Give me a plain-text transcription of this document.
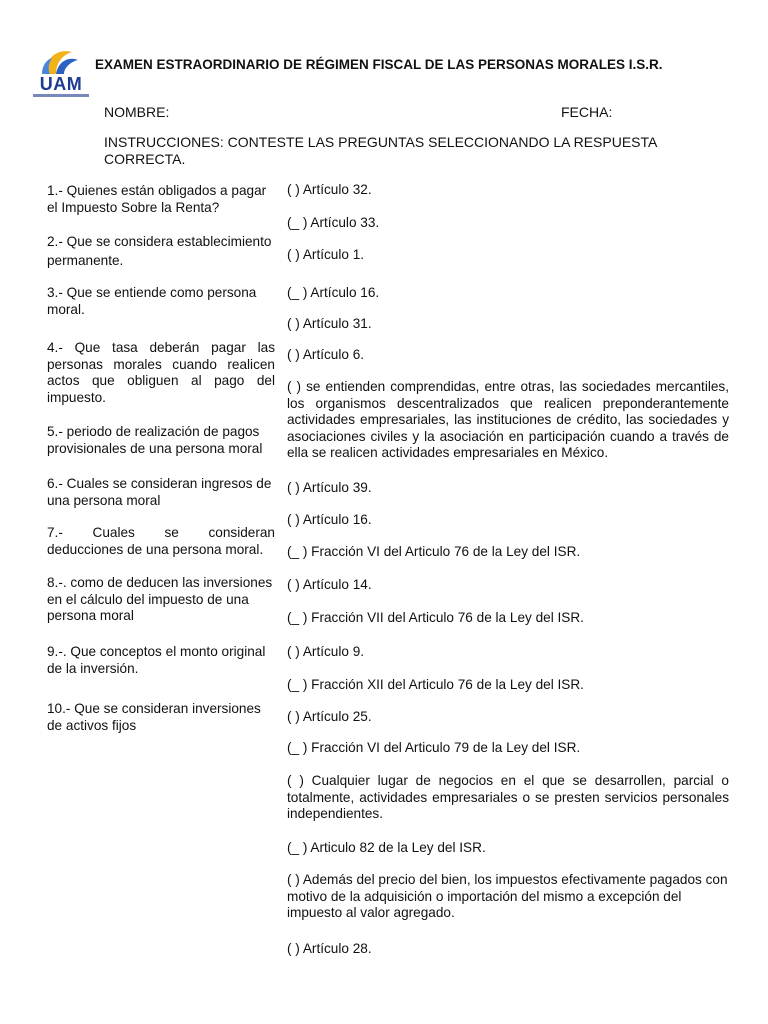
UAM
EXAMEN ESTRAORDINARIO DE RÉGIMEN FISCAL DE LAS PERSONAS MORALES I.S.R.
NOMBRE:	FECHA:
INSTRUCCIONES: CONTESTE LAS PREGUNTAS SELECCIONANDO LA RESPUESTA CORRECTA.
1.- Quienes están obligados a pagar el Impuesto Sobre la Renta?
2.- Que se considera establecimiento permanente.
3.- Que se entiende como persona moral.
4.- Que tasa deberán pagar las personas morales cuando realicen actos que obliguen al pago del impuesto.
5.- periodo de realización de pagos provisionales de una persona moral
6.- Cuales se consideran ingresos de una persona moral
7.- Cuales se consideran deducciones de una persona moral.
8.-. como de deducen las inversiones en el cálculo del impuesto de una persona moral
9.-. Que conceptos el monto original de la inversión.
10.- Que se consideran inversiones de activos fijos
( ) Artículo 32.
(_ ) Artículo 33.
( ) Artículo 1.
(_ ) Artículo 16.
( ) Artículo 31.
( ) Artículo 6.
( ) se entienden comprendidas, entre otras, las sociedades mercantiles, los organismos descentralizados que realicen preponderantemente actividades empresariales, las instituciones de crédito, las sociedades y asociaciones civiles y la asociación en participación cuando a través de ella se realicen actividades empresariales en México.
( ) Artículo 39.
( ) Artículo 16.
(_ ) Fracción VI del Articulo 76 de la Ley del ISR.
( ) Artículo 14.
(_ ) Fracción VII del Articulo 76 de la Ley del ISR.
( ) Artículo 9.
(_ ) Fracción XII del Articulo 76 de la Ley del ISR.
( ) Artículo 25.
(_ ) Fracción VI del Articulo 79 de la Ley del ISR.
( ) Cualquier lugar de negocios en el que se desarrollen, parcial o totalmente, actividades empresariales o se presten servicios personales independientes.
(_ ) Articulo 82 de la Ley del ISR.
( ) Además del precio del bien, los impuestos efectivamente pagados con motivo de la adquisición o importación del mismo a excepción del impuesto al valor agregado.
( ) Artículo 28.
